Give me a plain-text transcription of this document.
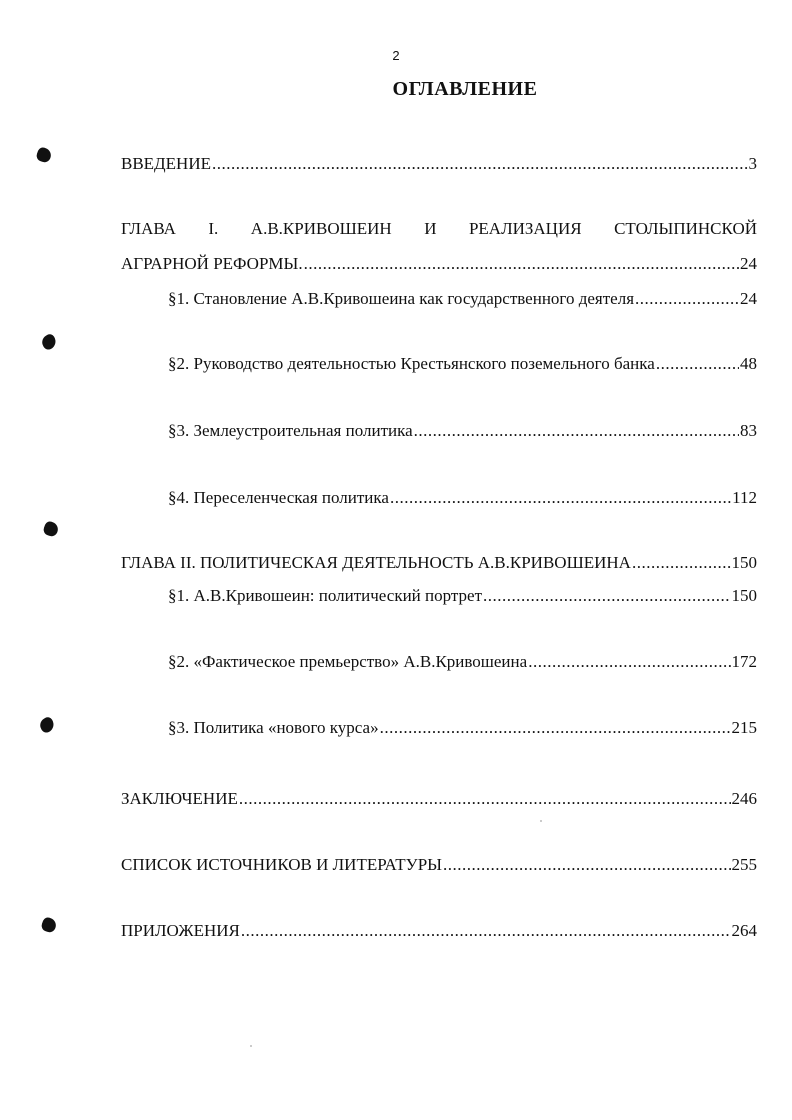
2
ОГЛАВЛЕНИЕ
ВВЕДЕНИЕ .....	3
ГЛАВА I. А.В.КРИВОШЕИН И РЕАЛИЗАЦИЯ СТОЛЫПИНСКОЙ
АГРАРНОЙ РЕФОРМЫ. .....	24
§1. Становление А.В.Кривошеина как государственного деятеля .....	24
§2. Руководство деятельностью Крестьянского поземельного банка .....	48
§3. Землеустроительная политика .....	83
§4. Переселенческая политика .....	112
ГЛАВА II. ПОЛИТИЧЕСКАЯ ДЕЯТЕЛЬНОСТЬ А.В.КРИВОШЕИНА .....	150
§1. А.В.Кривошеин: политический портрет .....	150
§2. «Фактическое премьерство» А.В.Кривошеина .....	172
§3. Политика «нового курса» .....	215
ЗАКЛЮЧЕНИЕ .....	246
СПИСОК ИСТОЧНИКОВ И ЛИТЕРАТУРЫ .....	255
ПРИЛОЖЕНИЯ .....	264
